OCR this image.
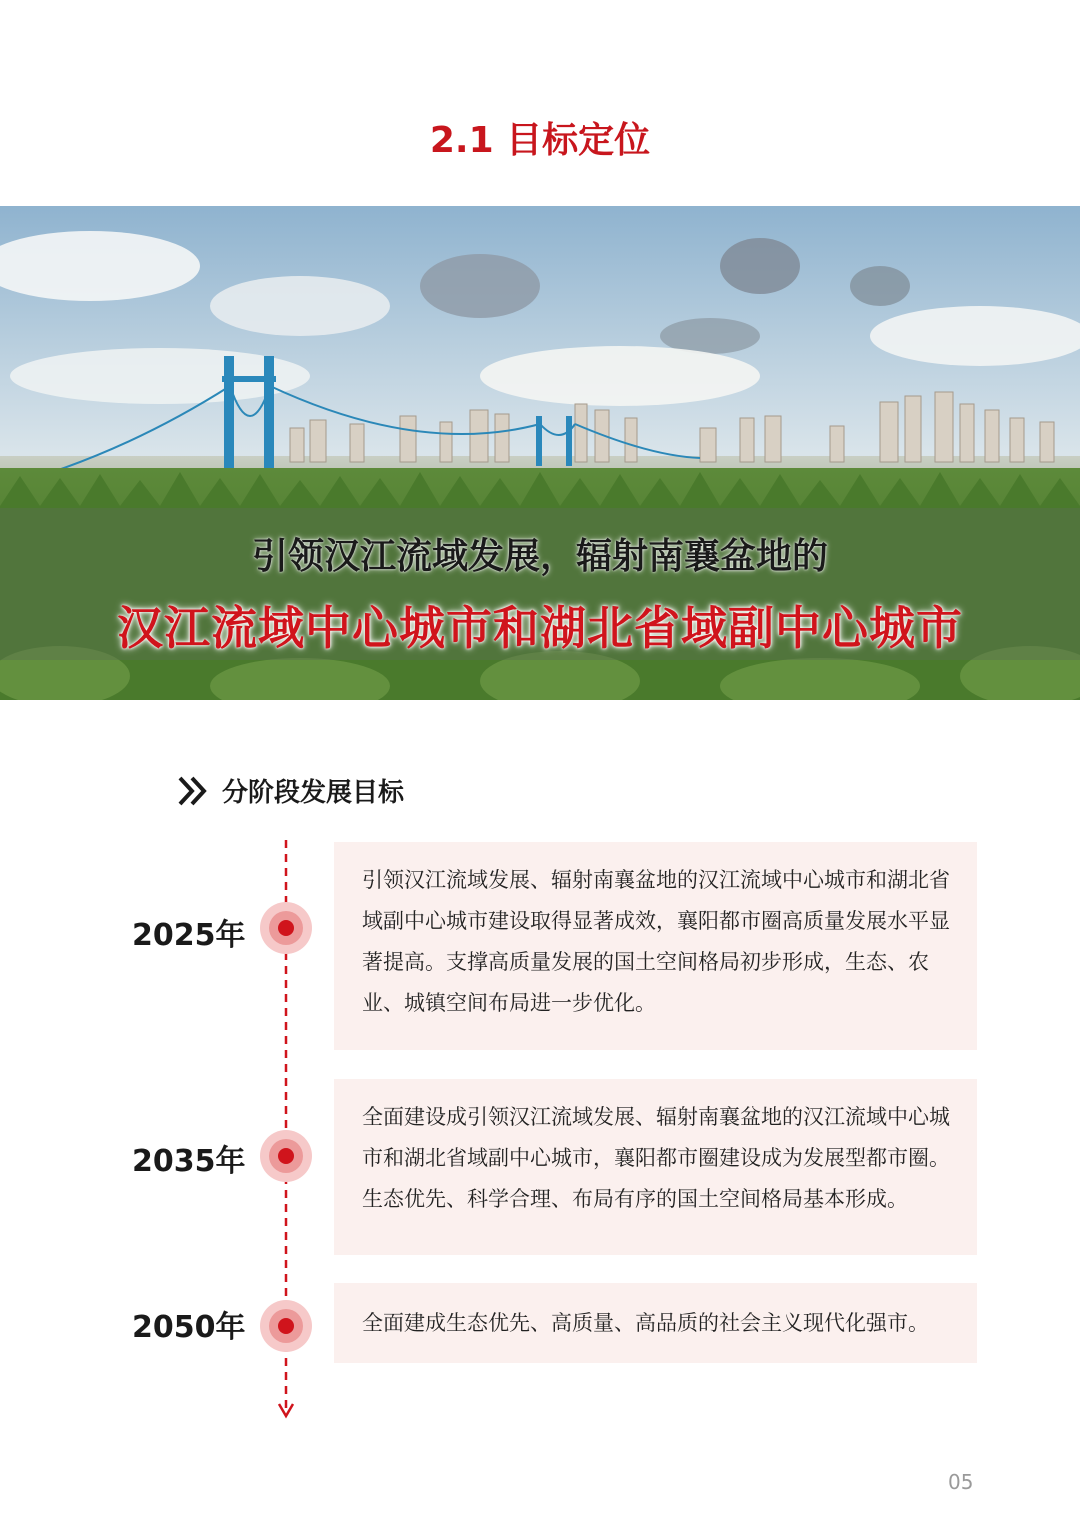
2.1 目标定位
引领汉江流域发展，辐射南襄盆地的
汉江流域中心城市和湖北省域副中心城市
分阶段发展目标
2025年
2035年
2050年

引领汉江流域发展、辐射南襄盆地的汉江流域中心城市和湖北省域副中心城市建设取得显著成效，襄阳都市圈高质量发展水平显著提高。支撑高质量发展的国土空间格局初步形成，生态、农业、城镇空间布局进一步优化。

全面建设成引领汉江流域发展、辐射南襄盆地的汉江流域中心城市和湖北省域副中心城市，襄阳都市圈建设成为发展型都市圈。生态优先、科学合理、布局有序的国土空间格局基本形成。

全面建成生态优先、高质量、高品质的社会主义现代化强市。

05
